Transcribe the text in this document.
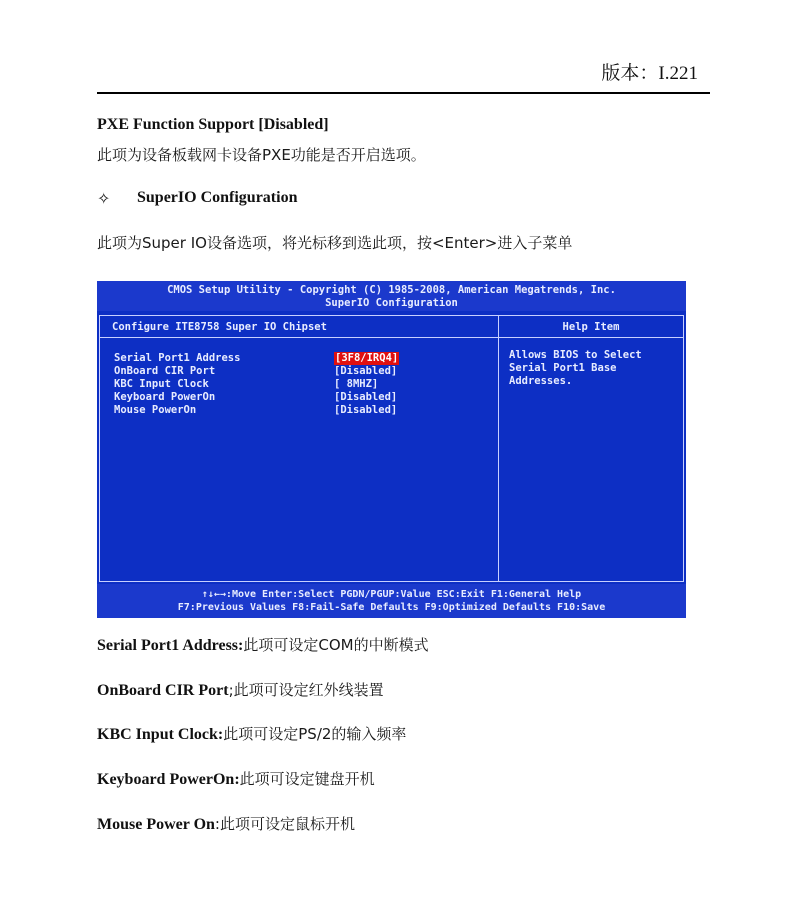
版本：I.221
PXE Function Support [Disabled]
此项为设备板载网卡设备PXE功能是否开启选项。
✧ SuperIO Configuration
此项为Super IO设备选项，将光标移到选此项，按<Enter>进入子菜单
CMOS Setup Utility - Copyright (C) 1985-2008, American Megatrends, Inc.
SuperIO Configuration
Configure ITE8758 Super IO Chipset
Serial Port1 Address	[3F8/IRQ4]
OnBoard CIR Port	[Disabled]
KBC Input Clock	[ 8MHZ]
Keyboard PowerOn	[Disabled]
Mouse PowerOn	[Disabled]
Help Item
Allows BIOS to Select
Serial Port1 Base
Addresses.
↑↓←→:Move Enter:Select PGDN/PGUP:Value ESC:Exit F1:General Help
F7:Previous Values F8:Fail-Safe Defaults F9:Optimized Defaults F10:Save
Serial Port1 Address:此项可设定COM的中断模式
OnBoard CIR Port;此项可设定红外线装置
KBC Input Clock:此项可设定PS/2的输入频率
Keyboard PowerOn:此项可设定键盘开机
Mouse Power On:此项可设定鼠标开机
